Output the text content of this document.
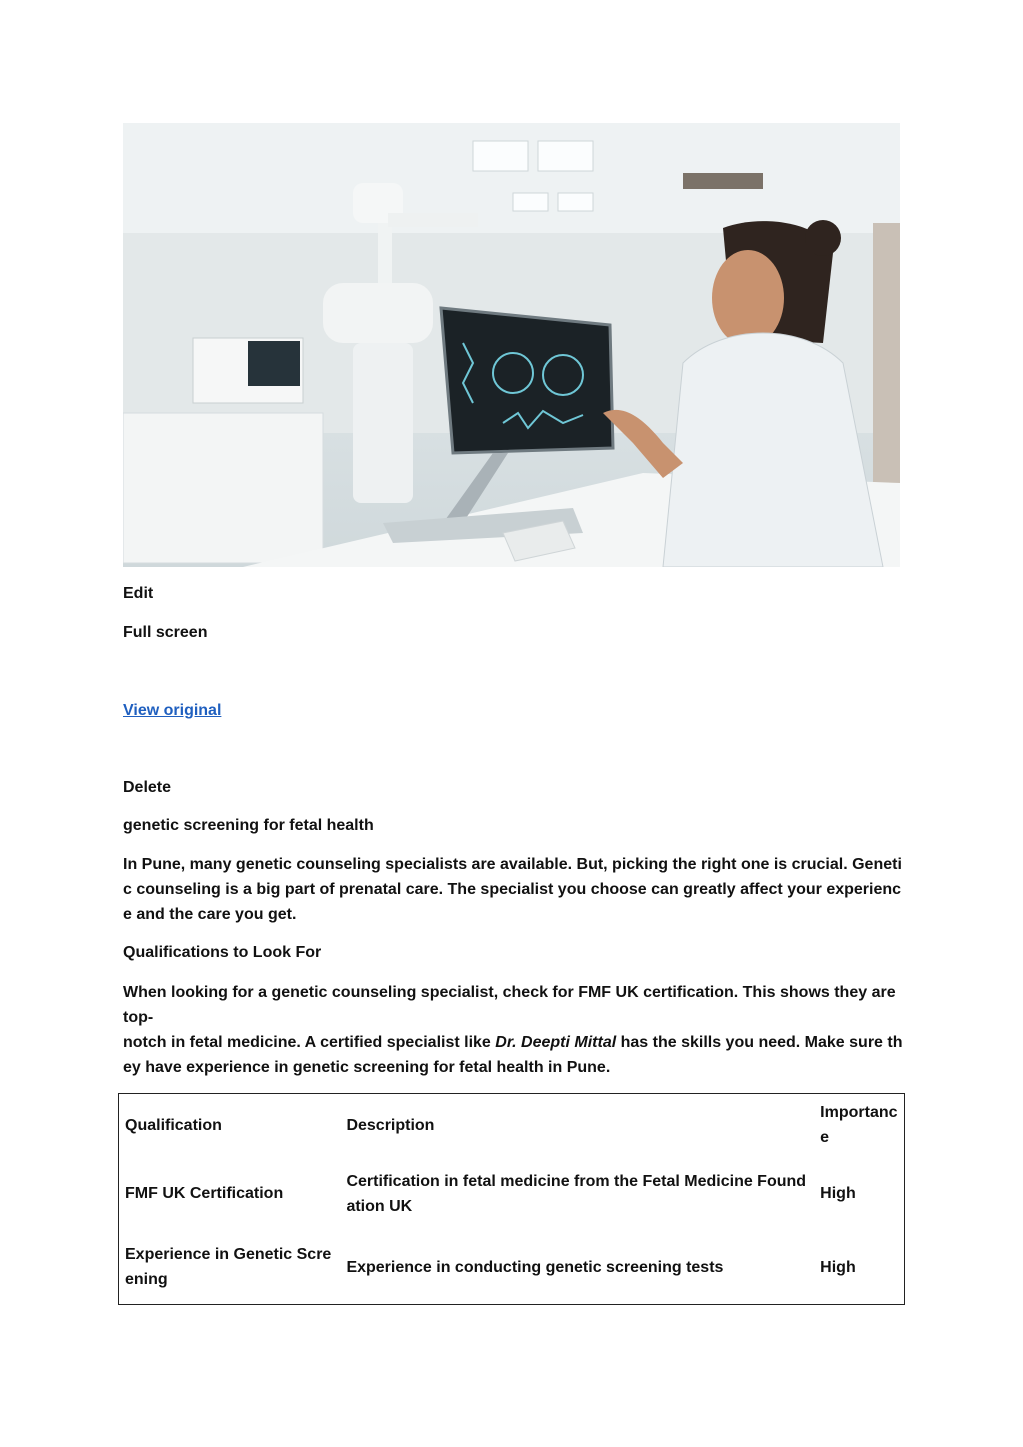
Edit
Full screen
View original
Delete
genetic screening for fetal health
In Pune, many genetic counseling specialists are available. But, picking the right one is crucial. Genetic counseling is a big part of prenatal care. The specialist you choose can greatly affect your experience and the care you get.
Qualifications to Look For
When looking for a genetic counseling specialist, check for FMF UK certification. This shows they are top-
notch in fetal medicine. A certified specialist like Dr. Deepti Mittal has the skills you need. Make sure they have experience in genetic screening for fetal health in Pune.
Qualification	Description	Importance
FMF UK Certification	Certification in fetal medicine from the Fetal Medicine Foundation UK	High
Experience in Genetic Screening	Experience in conducting genetic screening tests	High
